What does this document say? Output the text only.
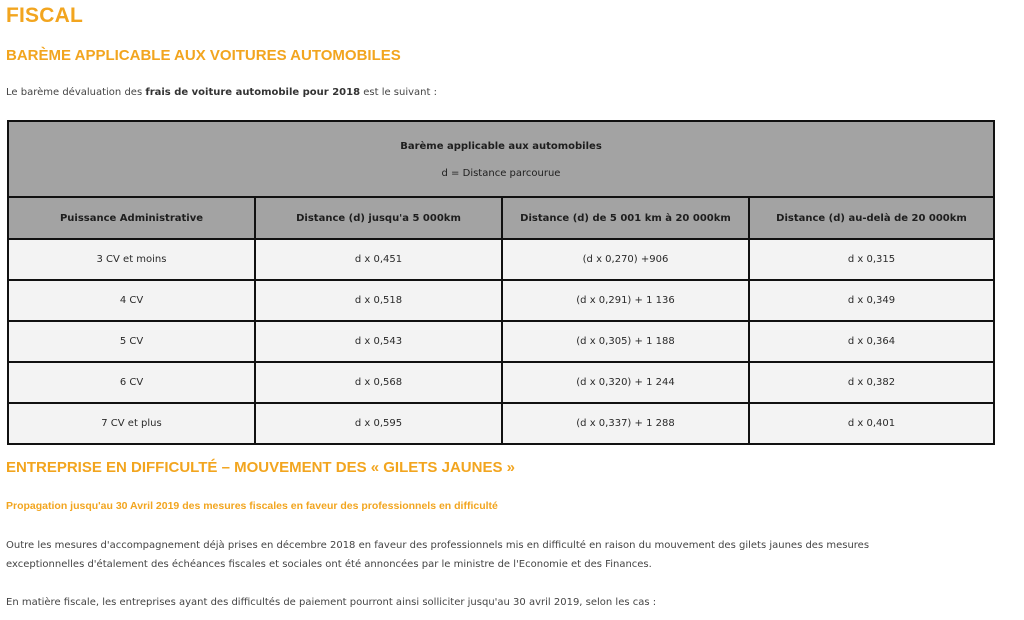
FISCAL
BARÈME APPLICABLE AUX VOITURES AUTOMOBILES
Le barème dévaluation des frais de voiture automobile pour 2018 est le suivant :
Barème applicable aux automobiles
d = Distance parcourue			

Puissance Administrative	Distance (d) jusqu'a 5 000km	Distance (d) de 5 001 km à 20 000km	Distance (d) au-delà de 20 000km
3 CV et moins	d x 0,451	(d x 0,270) +906	d x 0,315
4 CV	d x 0,518	(d x 0,291) + 1 136	d x 0,349
5 CV	d x 0,543	(d x 0,305) + 1 188	d x 0,364
6 CV	d x 0,568	(d x 0,320) + 1 244	d x 0,382
7 CV et plus	d x 0,595	(d x 0,337) + 1 288	d x 0,401
ENTREPRISE EN DIFFICULTÉ – MOUVEMENT DES « GILETS JAUNES »
Propagation jusqu'au 30 Avril 2019 des mesures fiscales en faveur des professionnels en difficulté
Outre les mesures d'accompagnement déjà prises en décembre 2018 en faveur des professionnels mis en difficulté en raison du mouvement des gilets jaunes des mesures
exceptionnelles d'étalement des échéances fiscales et sociales ont été annoncées par le ministre de l'Economie et des Finances.
En matière fiscale, les entreprises ayant des difficultés de paiement pourront ainsi solliciter jusqu'au 30 avril 2019, selon les cas :
